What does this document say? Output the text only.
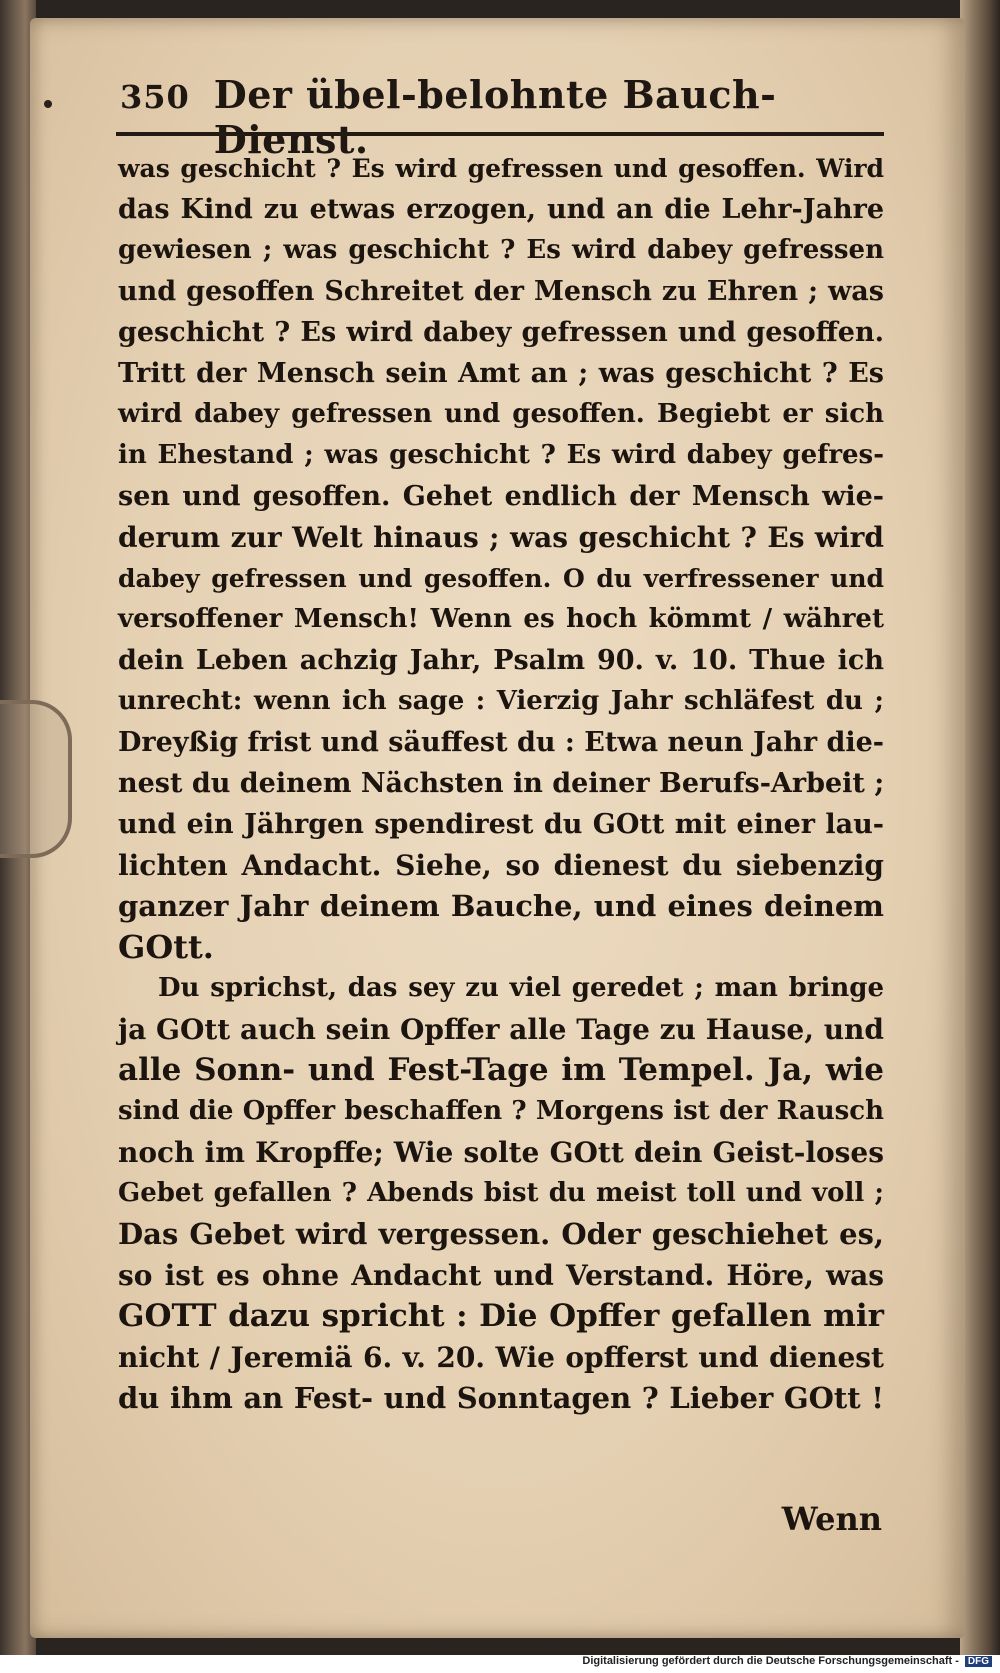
350 Der übel-belohnte Bauch-Dienst.
was geschicht ? Es wird gefressen und gesoffen. Wird
das Kind zu etwas erzogen, und an die Lehr-Jahre
gewiesen ; was geschicht ? Es wird dabey gefressen
und gesoffen Schreitet der Mensch zu Ehren ; was
geschicht ? Es wird dabey gefressen und gesoffen.
Tritt der Mensch sein Amt an ; was geschicht ? Es
wird dabey gefressen und gesoffen. Begiebt er sich
in Ehestand ; was geschicht ? Es wird dabey gefres-
sen und gesoffen. Gehet endlich der Mensch wie-
derum zur Welt hinaus ; was geschicht ? Es wird
dabey gefressen und gesoffen. O du verfressener und
versoffener Mensch! Wenn es hoch kömmt / währet
dein Leben achzig Jahr, Psalm 90. v. 10. Thue ich
unrecht: wenn ich sage : Vierzig Jahr schläfest du ;
Dreyßig frist und säuffest du : Etwa neun Jahr die-
nest du deinem Nächsten in deiner Berufs-Arbeit ;
und ein Jährgen spendirest du GOtt mit einer lau-
lichten Andacht. Siehe, so dienest du siebenzig
ganzer Jahr deinem Bauche, und eines deinem
GOtt.
Du sprichst, das sey zu viel geredet ; man bringe
ja GOtt auch sein Opffer alle Tage zu Hause, und
alle Sonn- und Fest-Tage im Tempel. Ja, wie
sind die Opffer beschaffen ? Morgens ist der Rausch
noch im Kropffe; Wie solte GOtt dein Geist-loses
Gebet gefallen ? Abends bist du meist toll und voll ;
Das Gebet wird vergessen. Oder geschiehet es,
so ist es ohne Andacht und Verstand. Höre, was
GOTT dazu spricht : Die Opffer gefallen mir
nicht / Jeremiä 6. v. 20. Wie opfferst und dienest
du ihm an Fest- und Sonntagen ? Lieber GOtt !
Wenn
Digitalisierung gefördert durch die Deutsche Forschungsgemeinschaft - DFG
